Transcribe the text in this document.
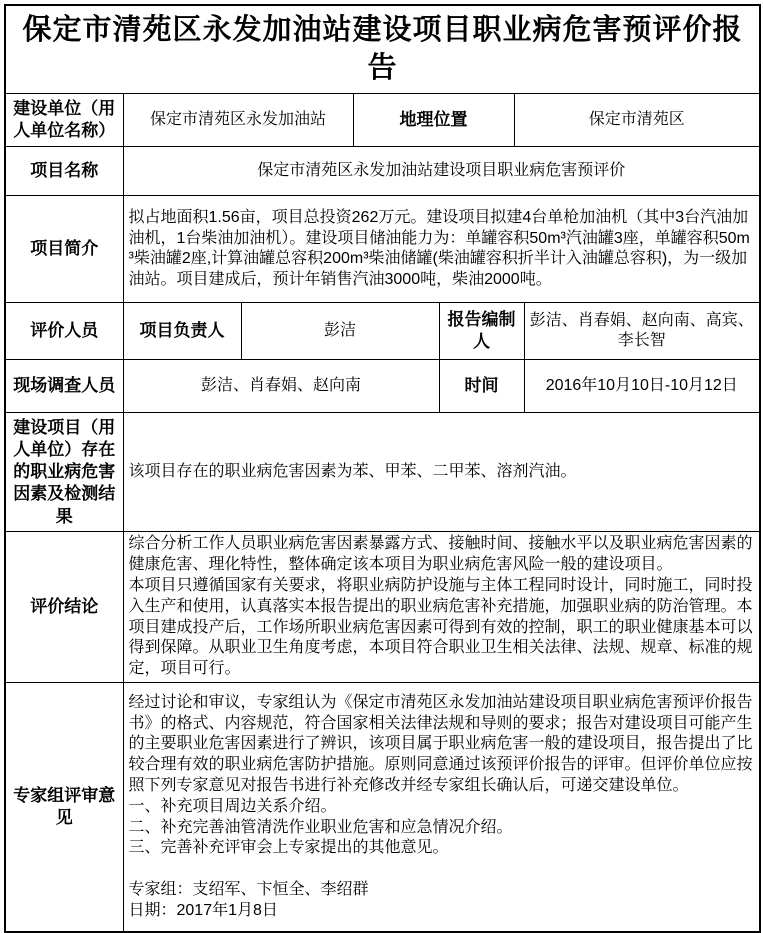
保定市清苑区永发加油站建设项目职业病危害预评价报告						
建设单位（用人单位名称）	保定市清苑区永发加油站		地理位置		保定市清苑区	
项目名称	保定市清苑区永发加油站建设项目职业病危害预评价					
项目简介	拟占地面积1.56亩，项目总投资262万元。建设项目拟建4台单枪加油机（其中3台汽油加油机，1台柴油加油机）。建设项目储油能力为：单罐容积50m³汽油罐3座，单罐容积50m³柴油罐2座,计算油罐总容积200m³柴油储罐(柴油罐容积折半计入油罐总容积)，为一级加油站。项目建成后，预计年销售汽油3000吨，柴油2000吨。					
评价人员	项目负责人	彭洁		报告编制人		彭洁、肖春娟、赵向南、高宾、李长智
现场调查人员	彭洁、肖春娟、赵向南			时间		2016年10月10日-10月12日
建设项目（用人单位）存在的职业病危害因素及检测结果	该项目存在的职业病危害因素为苯、甲苯、二甲苯、溶剂汽油。					
评价结论	综合分析工作人员职业病危害因素暴露方式、接触时间、接触水平以及职业病危害因素的健康危害、理化特性，整体确定该本项目为职业病危害风险一般的建设项目。
本项目只遵循国家有关要求，将职业病防护设施与主体工程同时设计，同时施工，同时投入生产和使用，认真落实本报告提出的职业病危害补充措施，加强职业病的防治管理。本项目建成投产后，工作场所职业病危害因素可得到有效的控制，职工的职业健康基本可以得到保障。从职业卫生角度考虑，本项目符合职业卫生相关法律、法规、规章、标准的规定，项目可行。					
专家组评审意见	经过讨论和审议，专家组认为《保定市清苑区永发加油站建设项目职业病危害预评价报告书》的格式、内容规范，符合国家相关法律法规和导则的要求；报告对建设项目可能产生的主要职业危害因素进行了辨识，该项目属于职业病危害一般的建设项目，报告提出了比较合理有效的职业病危害防护措施。原则同意通过该预评价报告的评审。但评价单位应按照下列专家意见对报告书进行补充修改并经专家组长确认后，可递交建设单位。
一、补充项目周边关系介绍。
二、补充完善油管清洗作业职业危害和应急情况介绍。
三、完善补充评审会上专家提出的其他意见。

专家组：支绍军、卞恒全、李绍群
日期：2017年1月8日
